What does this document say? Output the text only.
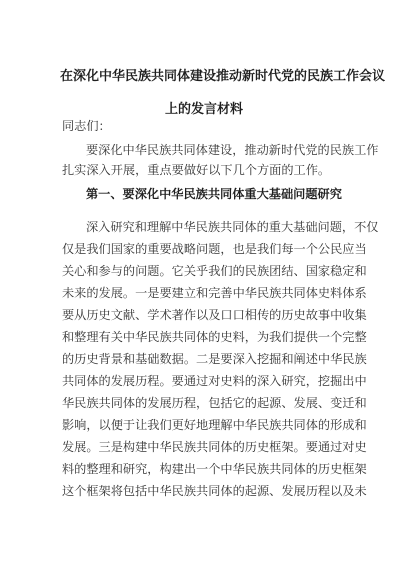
在深化中华民族共同体建设推动新时代党的民族工作会议
上的发言材料
同志们：
要深化中华民族共同体建设，推动新时代党的民族工作
扎实深入开展，重点要做好以下几个方面的工作。
第一、要深化中华民族共同体重大基础问题研究
深入研究和理解中华民族共同体的重大基础问题，不仅
仅是我们国家的重要战略问题，也是我们每一个公民应当
关心和参与的问题。它关乎我们的民族团结、国家稳定和
未来的发展。一是要建立和完善中华民族共同体史料体系
要从历史文献、学术著作以及口口相传的历史故事中收集
和整理有关中华民族共同体的史料，为我们提供一个完整
的历史背景和基础数据。二是要深入挖掘和阐述中华民族
共同体的发展历程。要通过对史料的深入研究，挖掘出中
华民族共同体的发展历程，包括它的起源、发展、变迁和
影响，以便于让我们更好地理解中华民族共同体的形成和
发展。三是构建中华民族共同体的历史框架。要通过对史
料的整理和研究，构建出一个中华民族共同体的历史框架
这个框架将包括中华民族共同体的起源、发展历程以及未
